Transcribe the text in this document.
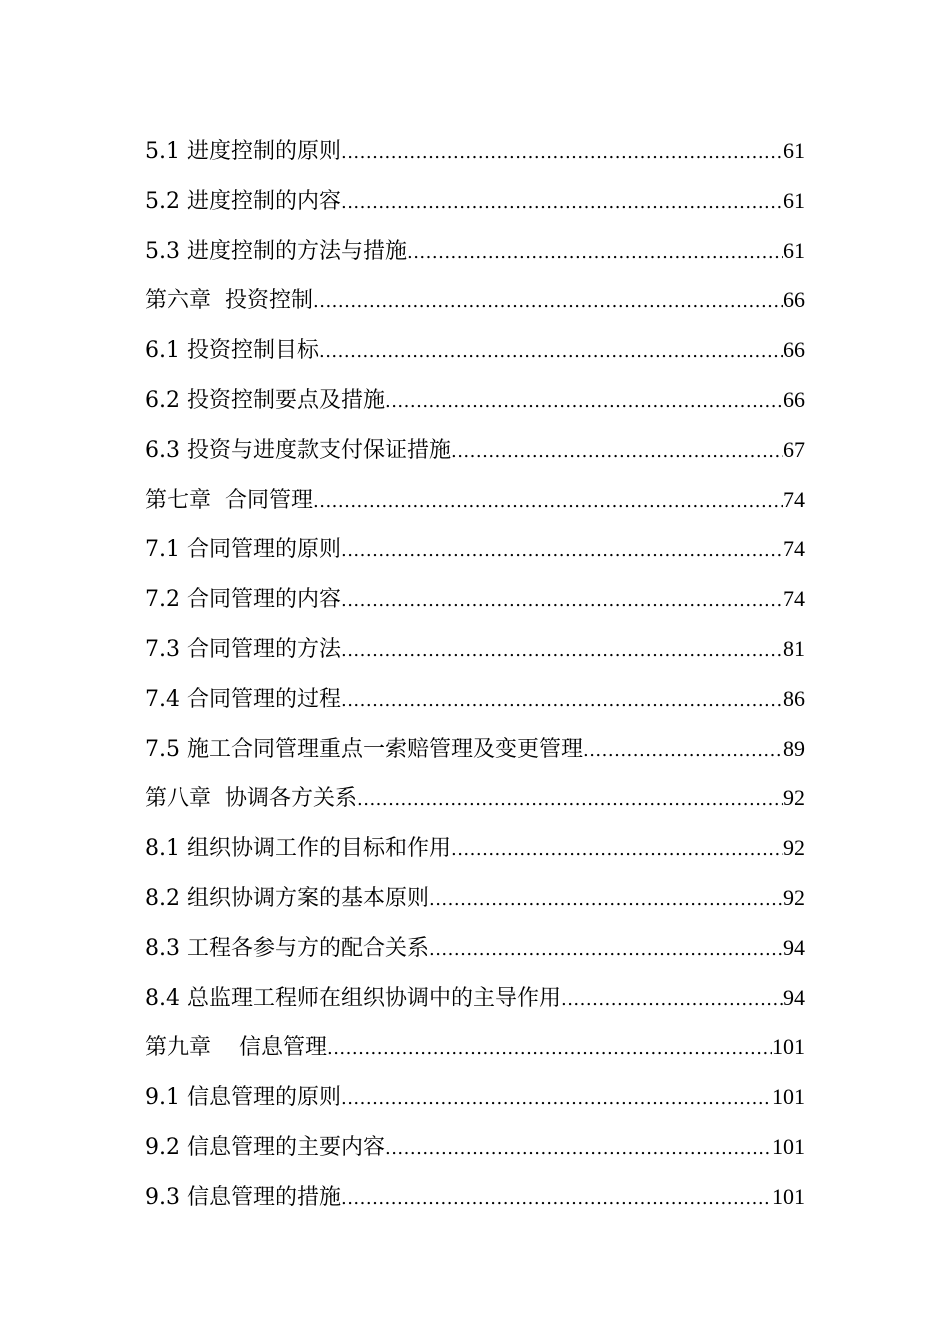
5.1 进度控制的原则 .....	61
5.2 进度控制的内容 .....	61
5.3 进度控制的方法与措施 .....	61
第六章  投资控制 .....	66
6.1 投资控制目标 .....	66
6.2 投资控制要点及措施 .....	66
6.3 投资与进度款支付保证措施 .....	67
第七章  合同管理 .....	74
7.1 合同管理的原则 .....	74
7.2 合同管理的内容 .....	74
7.3 合同管理的方法 .....	81
7.4 合同管理的过程 .....	86
7.5 施工合同管理重点一索赔管理及变更管理 .....	89
第八章  协调各方关系 .....	92
8.1 组织协调工作的目标和作用 .....	92
8.2 组织协调方案的基本原则 .....	92
8.3 工程各参与方的配合关系 .....	94
8.4 总监理工程师在组织协调中的主导作用 .....	94
第九章    信息管理 .....	101
9.1 信息管理的原则 .....	101
9.2 信息管理的主要内容 .....	101
9.3 信息管理的措施 .....	101
